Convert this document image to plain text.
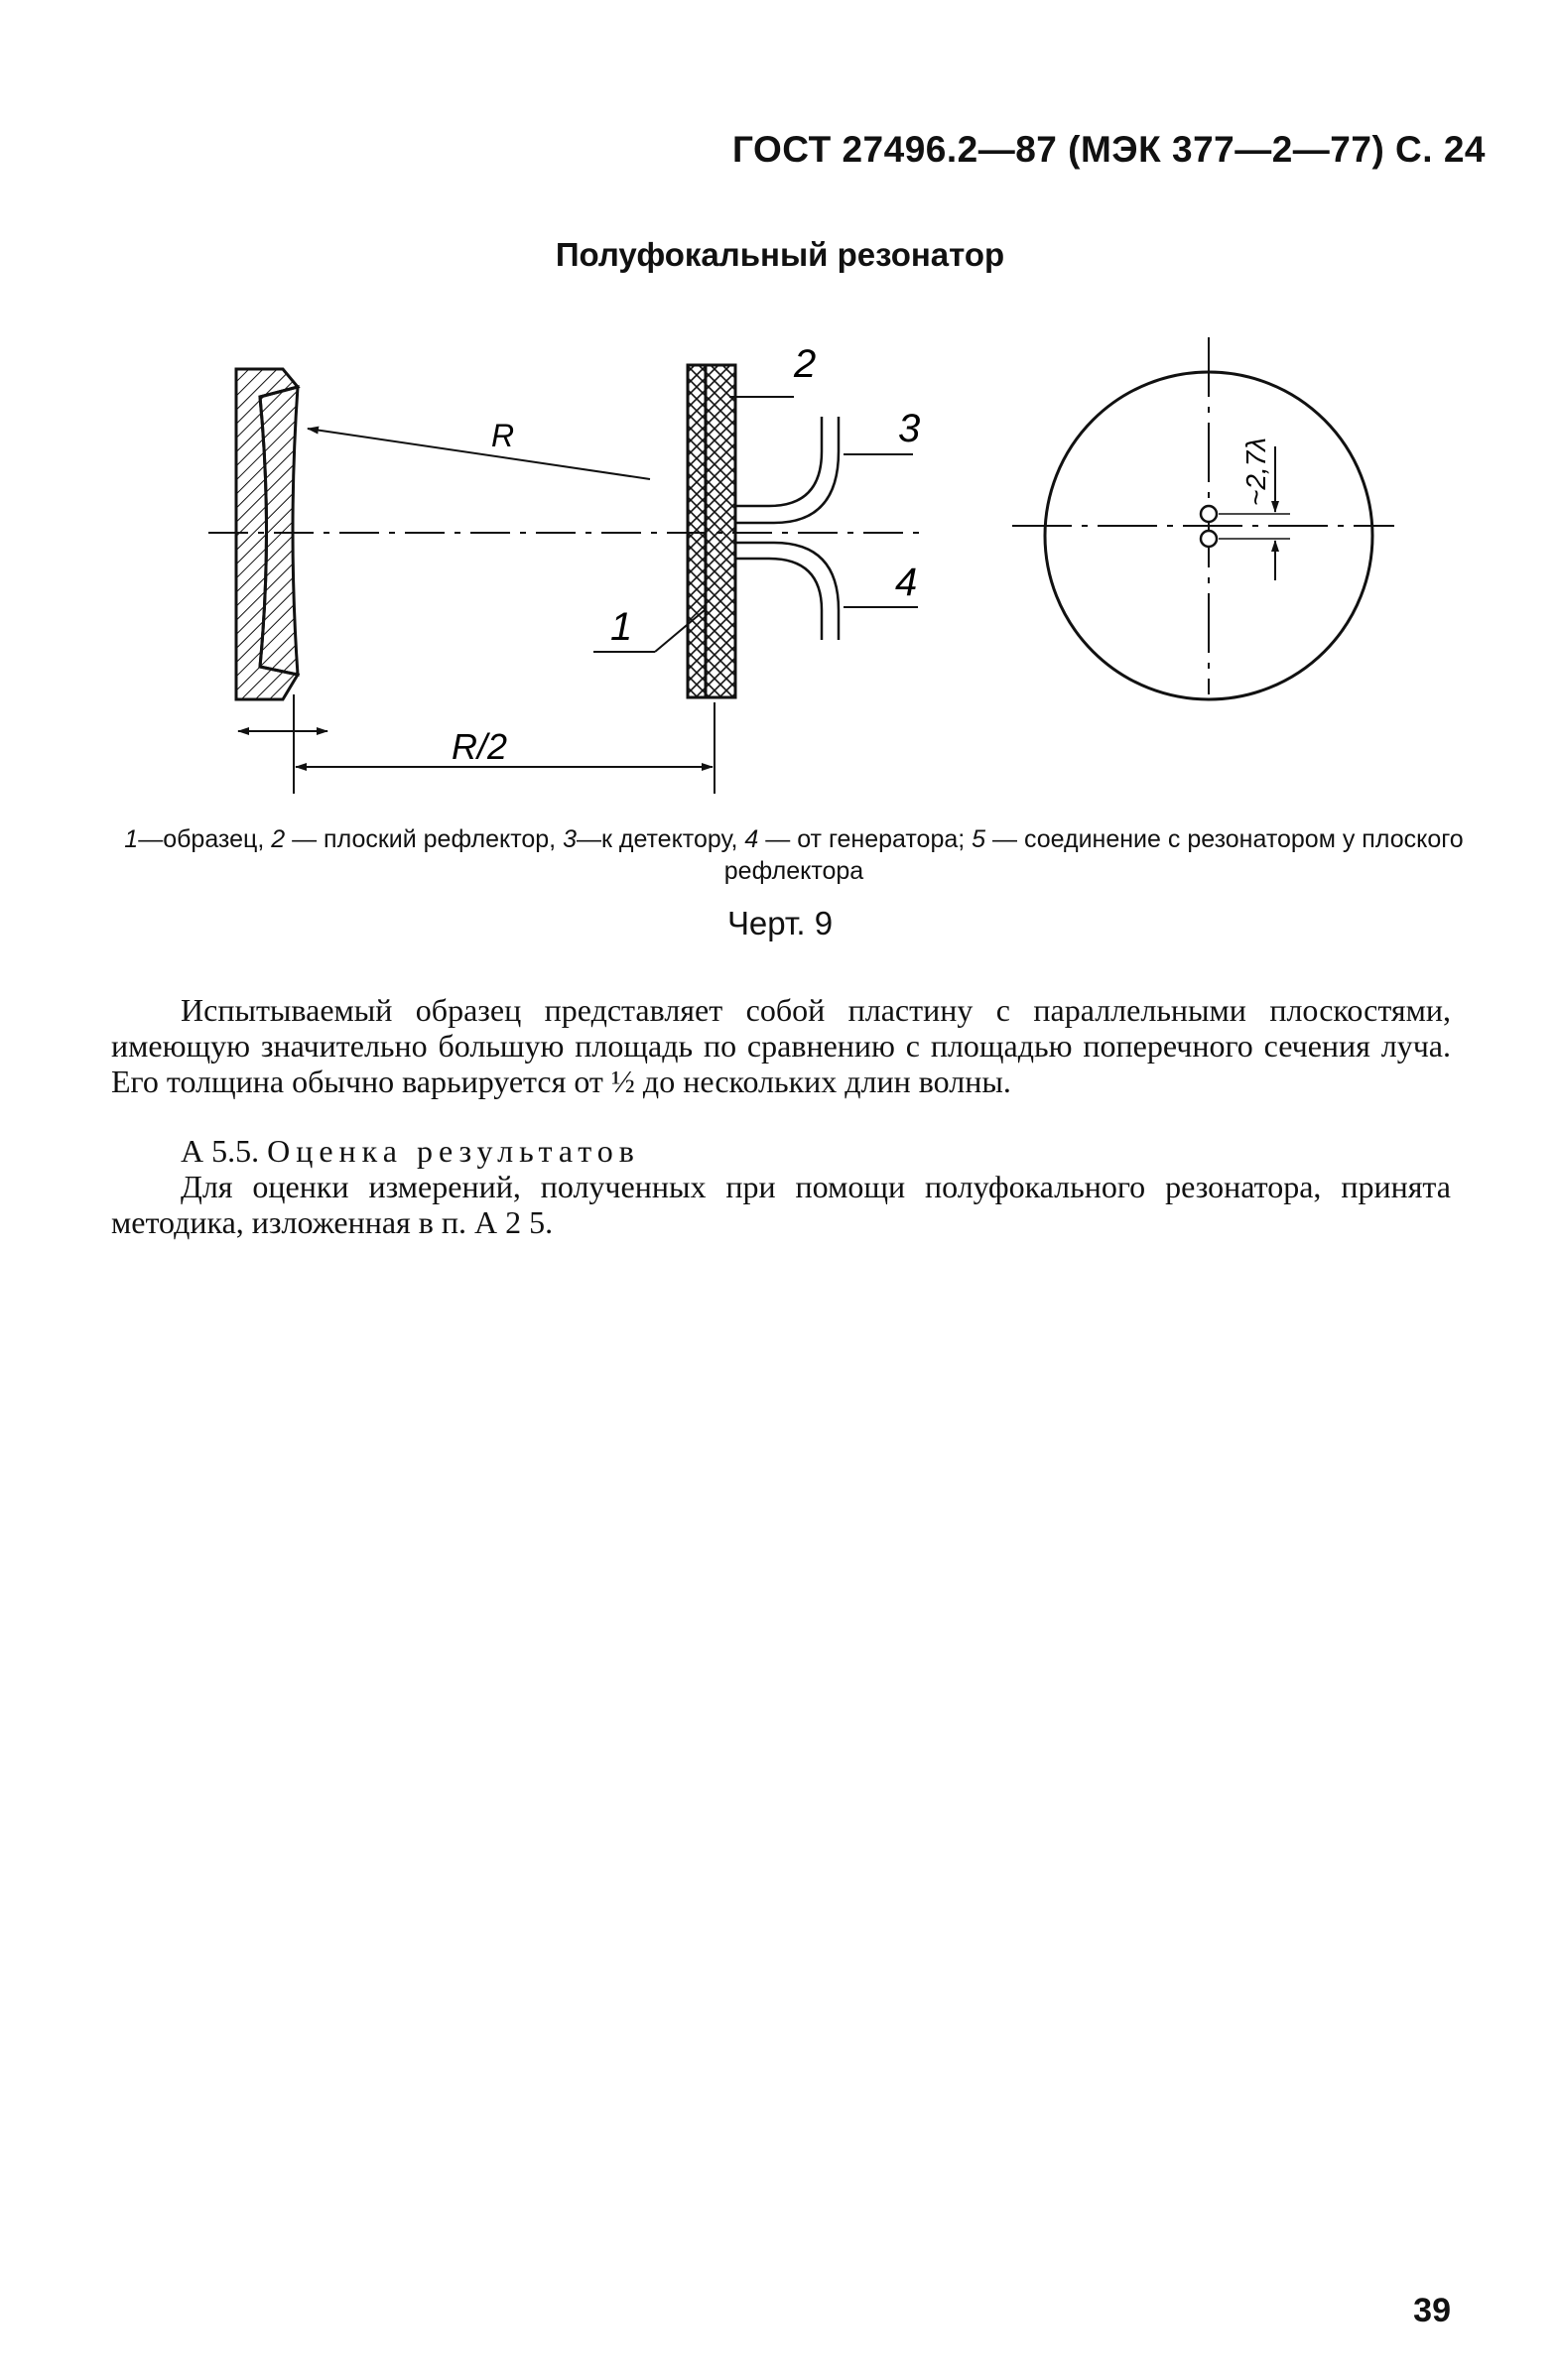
ГОСТ 27496.2—87 (МЭК 377—2—77) С. 24
Полуфокальный резонатор
R
2
3
4
1
R/2
~2,7λ
1—образец, 2 — плоский рефлектор, 3—к детектору, 4 — от генератора; 5 — соединение с резонатором у плоского рефлектора
Черт. 9
Испытываемый образец представляет собой пластину с параллельными плоскостями, имеющую значительно большую площадь по сравнению с площадью поперечного сечения луча. Его толщина обычно варьируется от ½ до нескольких длин волны.
А 5.5. Оценка результатов
Для оценки измерений, полученных при помощи полуфокального резонатора, принята методика, изложенная в п. А 2 5.
39
